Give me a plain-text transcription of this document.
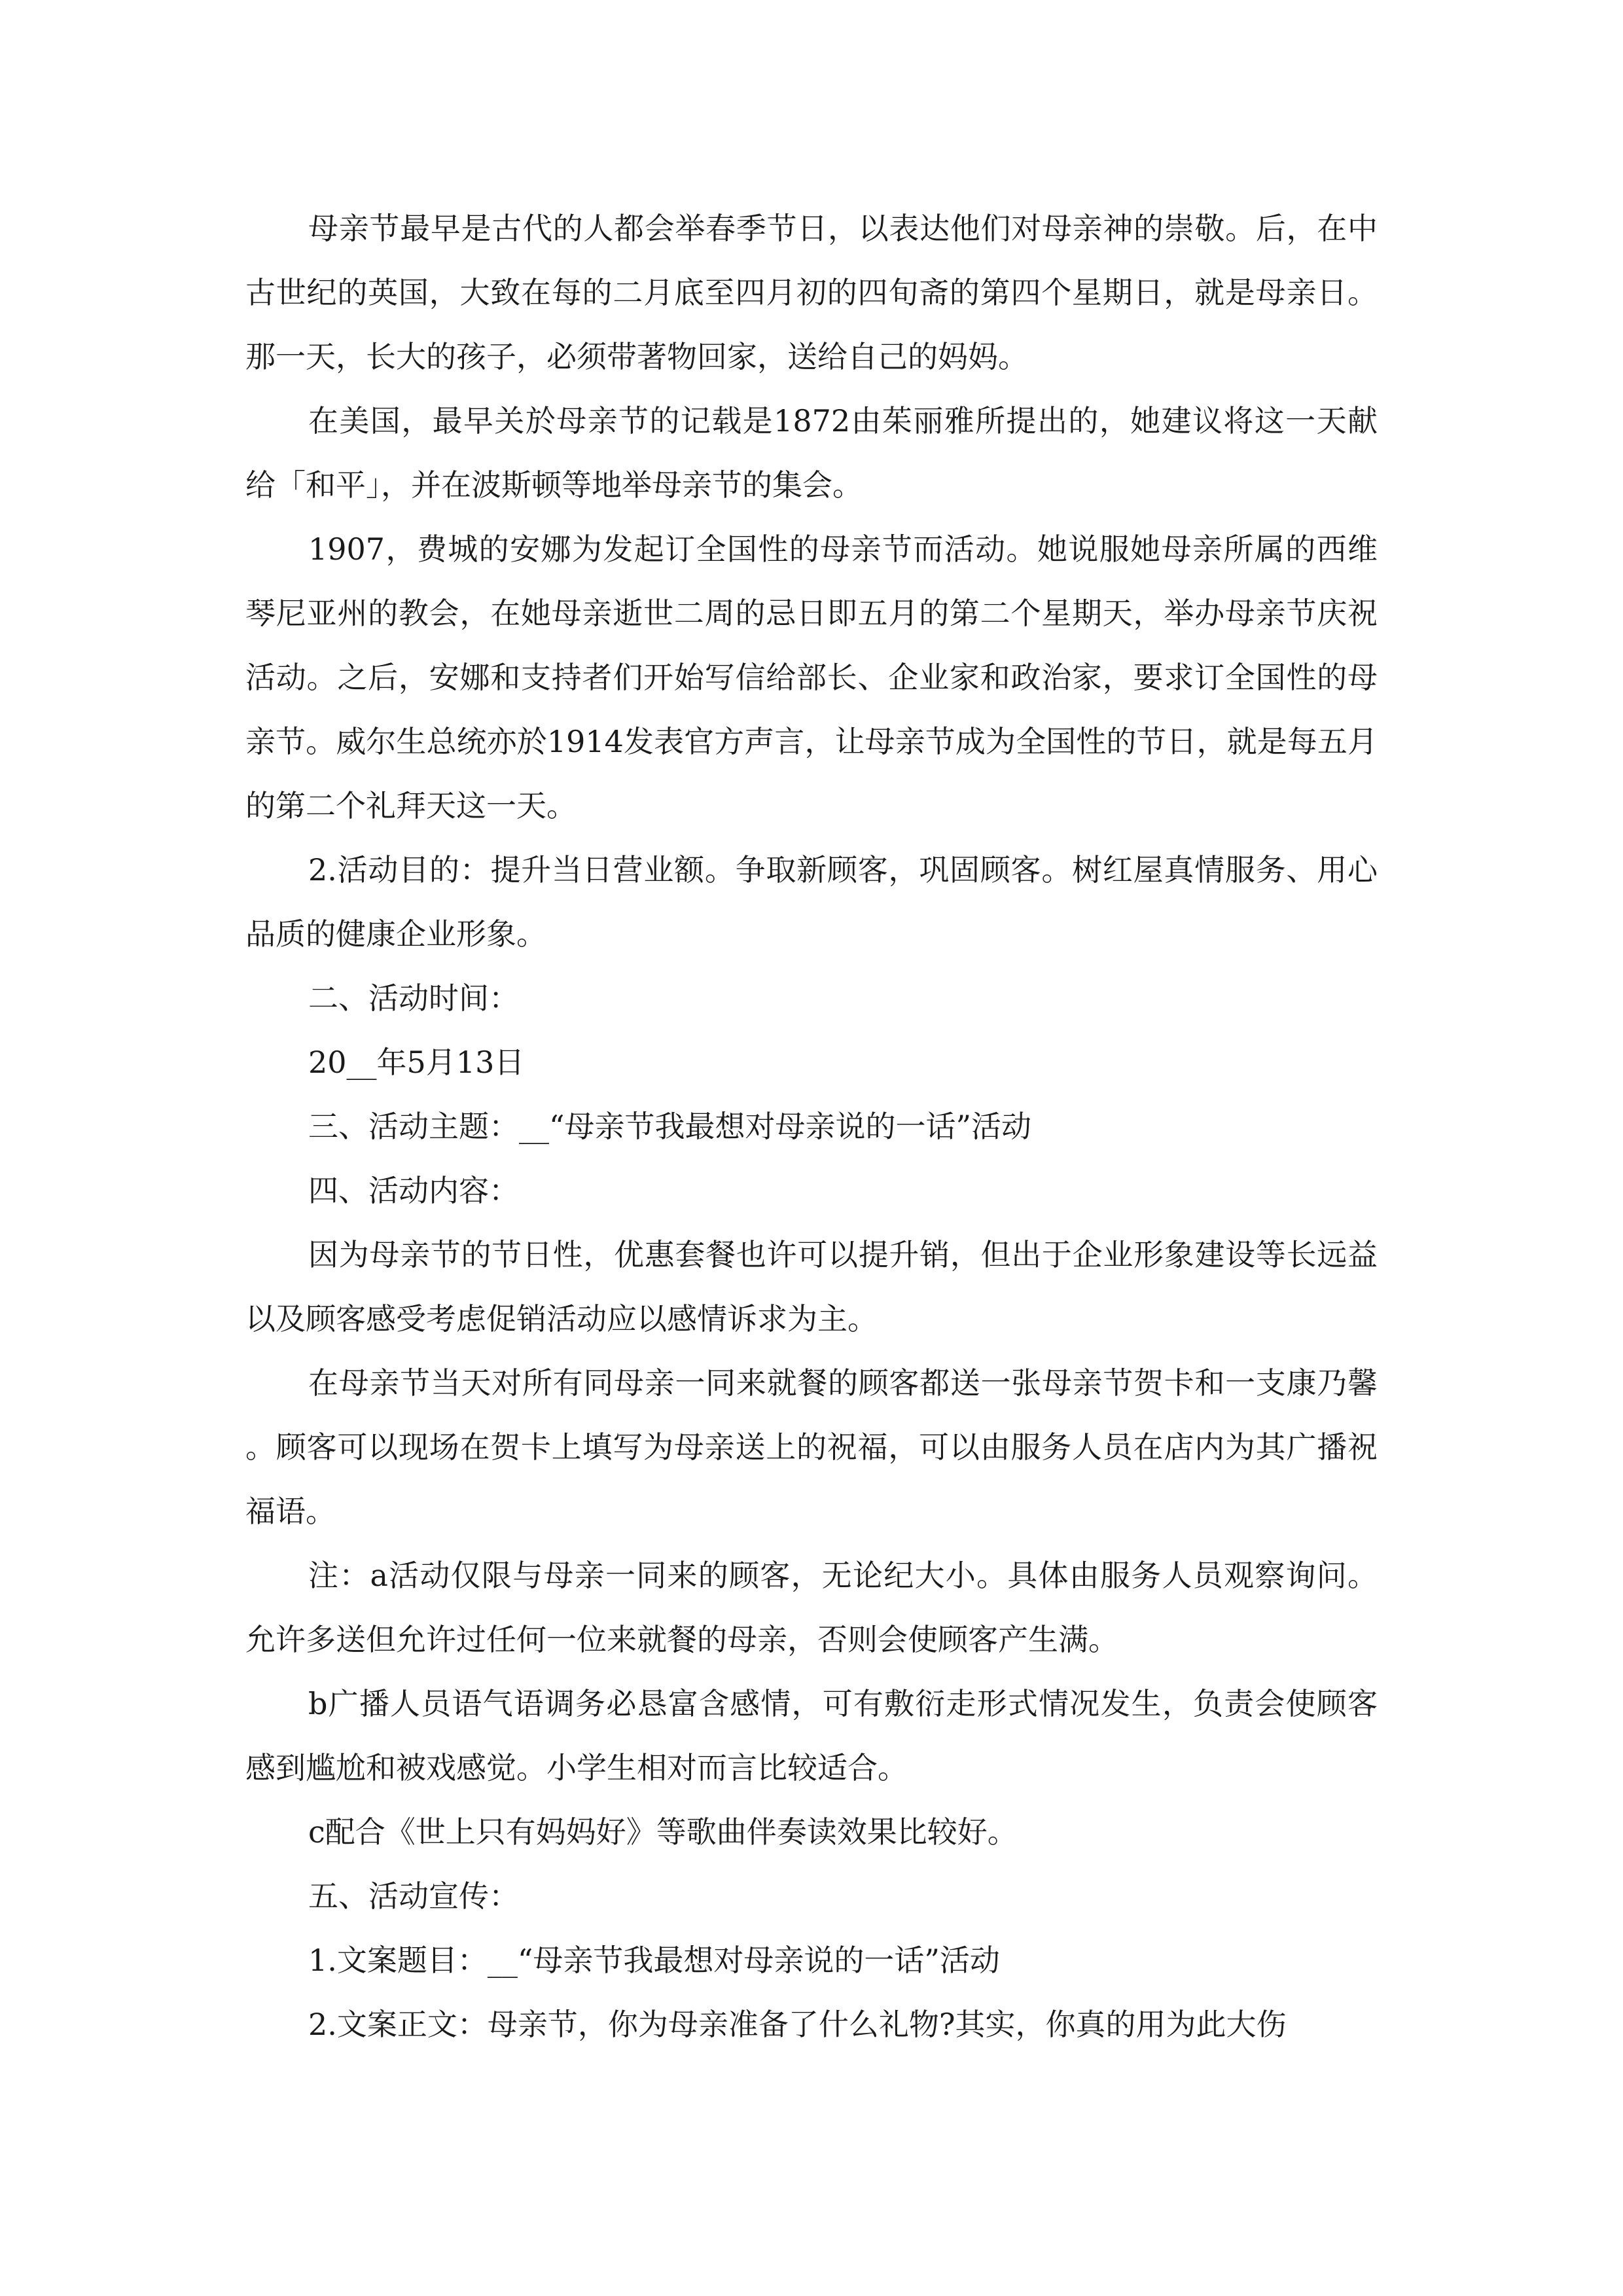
母亲节最早是古代的人都会举春季节日，以表达他们对母亲神的崇敬。后，在中古世纪的英国，大致在每的二月底至四月初的四旬斋的第四个星期日，就是母亲日。那一天，长大的孩子，必须带著物回家，送给自己的妈妈。

在美国，最早关於母亲节的记载是1872由茱丽雅所提出的，她建议将这一天献给「和平」，并在波斯顿等地举母亲节的集会。

1907，费城的安娜为发起订全国性的母亲节而活动。她说服她母亲所属的西维琴尼亚州的教会，在她母亲逝世二周的忌日即五月的第二个星期天，举办母亲节庆祝活动。之后，安娜和支持者们开始写信给部长、企业家和政治家，要求订全国性的母亲节。威尔生总统亦於1914发表官方声言，让母亲节成为全国性的节日，就是每五月的第二个礼拜天这一天。

2.活动目的：提升当日营业额。争取新顾客，巩固顾客。树红屋真情服务、用心品质的健康企业形象。

二、活动时间：

20__年5月13日

三、活动主题：__“母亲节我最想对母亲说的一话”活动

四、活动内容：

因为母亲节的节日性，优惠套餐也许可以提升销，但出于企业形象建设等长远益以及顾客感受考虑促销活动应以感情诉求为主。

在母亲节当天对所有同母亲一同来就餐的顾客都送一张母亲节贺卡和一支康乃馨。顾客可以现场在贺卡上填写为母亲送上的祝福，可以由服务人员在店内为其广播祝福语。

注：a活动仅限与母亲一同来的顾客，无论纪大小。具体由服务人员观察询问。允许多送但允许过任何一位来就餐的母亲，否则会使顾客产生满。

b广播人员语气语调务必恳富含感情，可有敷衍走形式情况发生，负责会使顾客感到尴尬和被戏感觉。小学生相对而言比较适合。

c配合《世上只有妈妈好》等歌曲伴奏读效果比较好。

五、活动宣传：

1.文案题目：__“母亲节我最想对母亲说的一话”活动

2.文案正文：母亲节，你为母亲准备了什么礼物?其实，你真的用为此大伤
